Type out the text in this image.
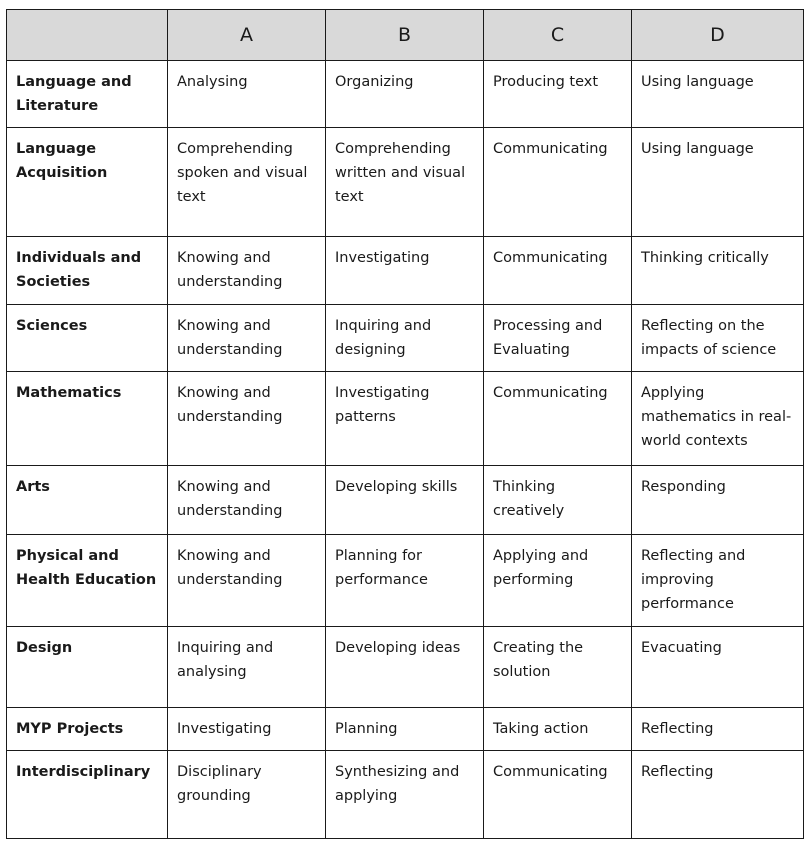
	A	B	C	D
Language and Literature	Analysing	Organizing	Producing text	Using language
Language Acquisition	Comprehending spoken and visual text	Comprehending written and visual text	Communicating	Using language
Individuals and Societies	Knowing and understanding	Investigating	Communicating	Thinking critically
Sciences	Knowing and understanding	Inquiring and designing	Processing and Evaluating	Reflecting on the impacts of science
Mathematics	Knowing and understanding	Investigating patterns	Communicating	Applying mathematics in real-world contexts
Arts	Knowing and understanding	Developing skills	Thinking creatively	Responding
Physical and Health Education	Knowing and understanding	Planning for performance	Applying and performing	Reflecting and improving performance
Design	Inquiring and analysing	Developing ideas	Creating the solution	Evacuating
MYP Projects	Investigating	Planning	Taking action	Reflecting
Interdisciplinary	Disciplinary grounding	Synthesizing and applying	Communicating	Reflecting
